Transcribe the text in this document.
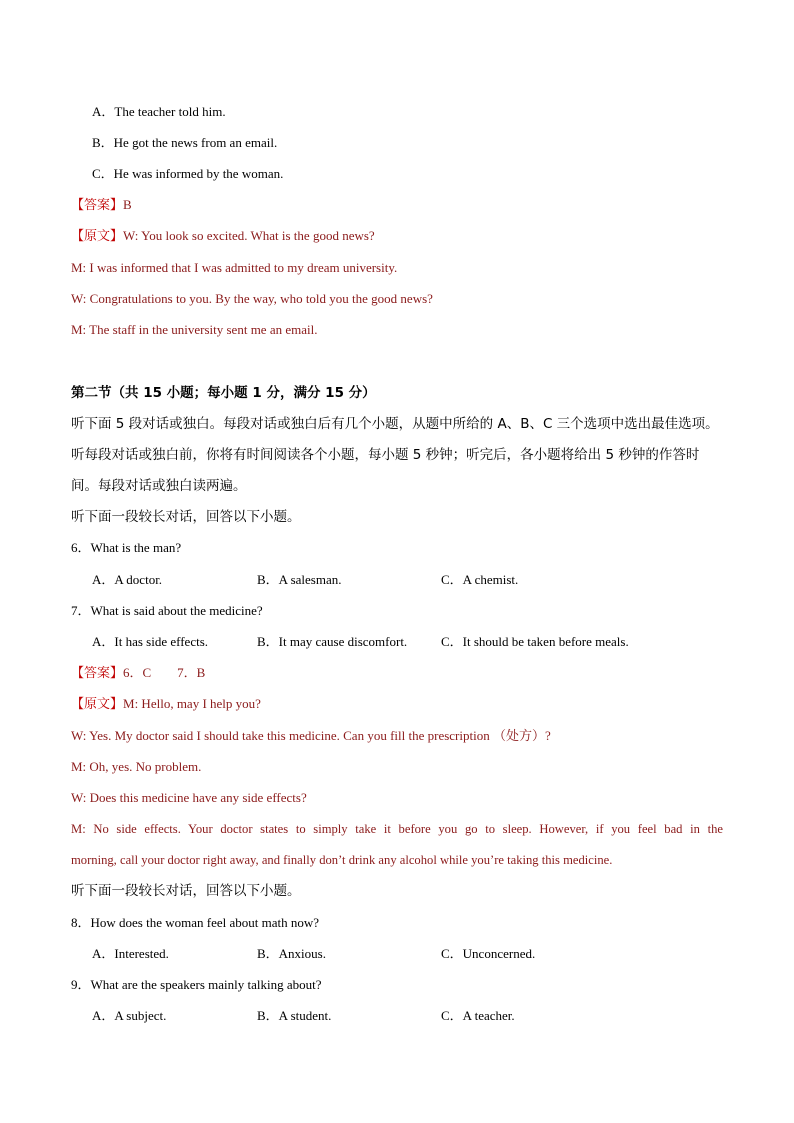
A．The teacher told him.
B．He got the news from an email.
C．He was informed by the woman.
【答案】B
【原文】W: You look so excited. What is the good news?
M: I was informed that I was admitted to my dream university.
W: Congratulations to you. By the way, who told you the good news?
M: The staff in the university sent me an email.
第二节（共 15 小题；每小题 1 分，满分 15 分）
听下面 5 段对话或独白。每段对话或独白后有几个小题，从题中所给的 A、B、C 三个选项中选出最佳选项。
听每段对话或独白前，你将有时间阅读各个小题，每小题 5 秒钟；听完后，各小题将给出 5 秒钟的作答时
间。每段对话或独白读两遍。
听下面一段较长对话，回答以下小题。
6．What is the man?
A．A doctor.	B．A salesman.	C．A chemist.
7．What is said about the medicine?
A．It has side effects.	B．It may cause discomfort.	C．It should be taken before meals.
【答案】6．C　　7．B
【原文】M: Hello, may I help you?
W: Yes. My doctor said I should take this medicine. Can you fill the prescription （处方）?
M: Oh, yes. No problem.
W: Does this medicine have any side effects?
M: No side effects. Your doctor states to simply take it before you go to sleep. However, if you feel bad in the
morning, call your doctor right away, and finally don’t drink any alcohol while you’re taking this medicine.
听下面一段较长对话，回答以下小题。
8．How does the woman feel about math now?
A．Interested.	B．Anxious.	C．Unconcerned.
9．What are the speakers mainly talking about?
A．A subject.	B．A student.	C．A teacher.
